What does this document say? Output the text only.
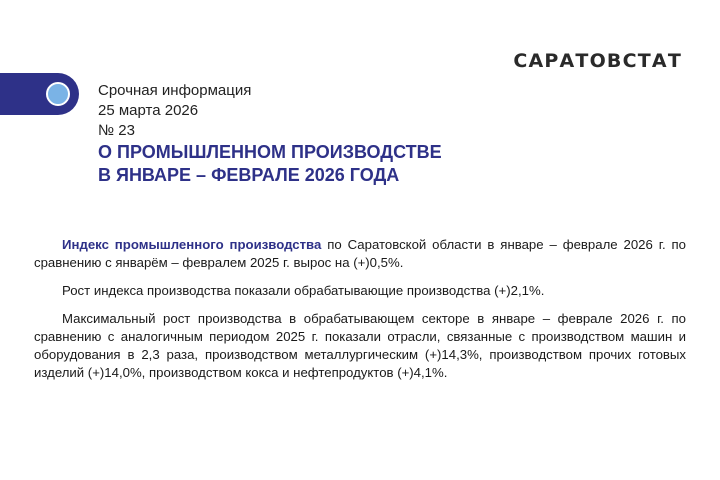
САРАТОВСТАТ
Срочная информация
25 марта 2026
№ 23
О ПРОМЫШЛЕННОМ ПРОИЗВОДСТВЕ
В ЯНВАРЕ – ФЕВРАЛЕ 2026 ГОДА

Индекс промышленного производства по Саратовской области в январе – феврале 2026 г. по сравнению с январём – февралем 2025 г. вырос на (+)0,5%.

Рост индекса производства показали обрабатывающие производства (+)2,1%.

Максимальный рост производства в обрабатывающем секторе в январе – феврале 2026 г. по сравнению с аналогичным периодом 2025 г. показали отрасли, связанные с производством машин и оборудования в 2,3 раза, производством металлургическим (+)14,3%, производством прочих готовых изделий (+)14,0%, производством кокса и нефтепродуктов (+)4,1%.
